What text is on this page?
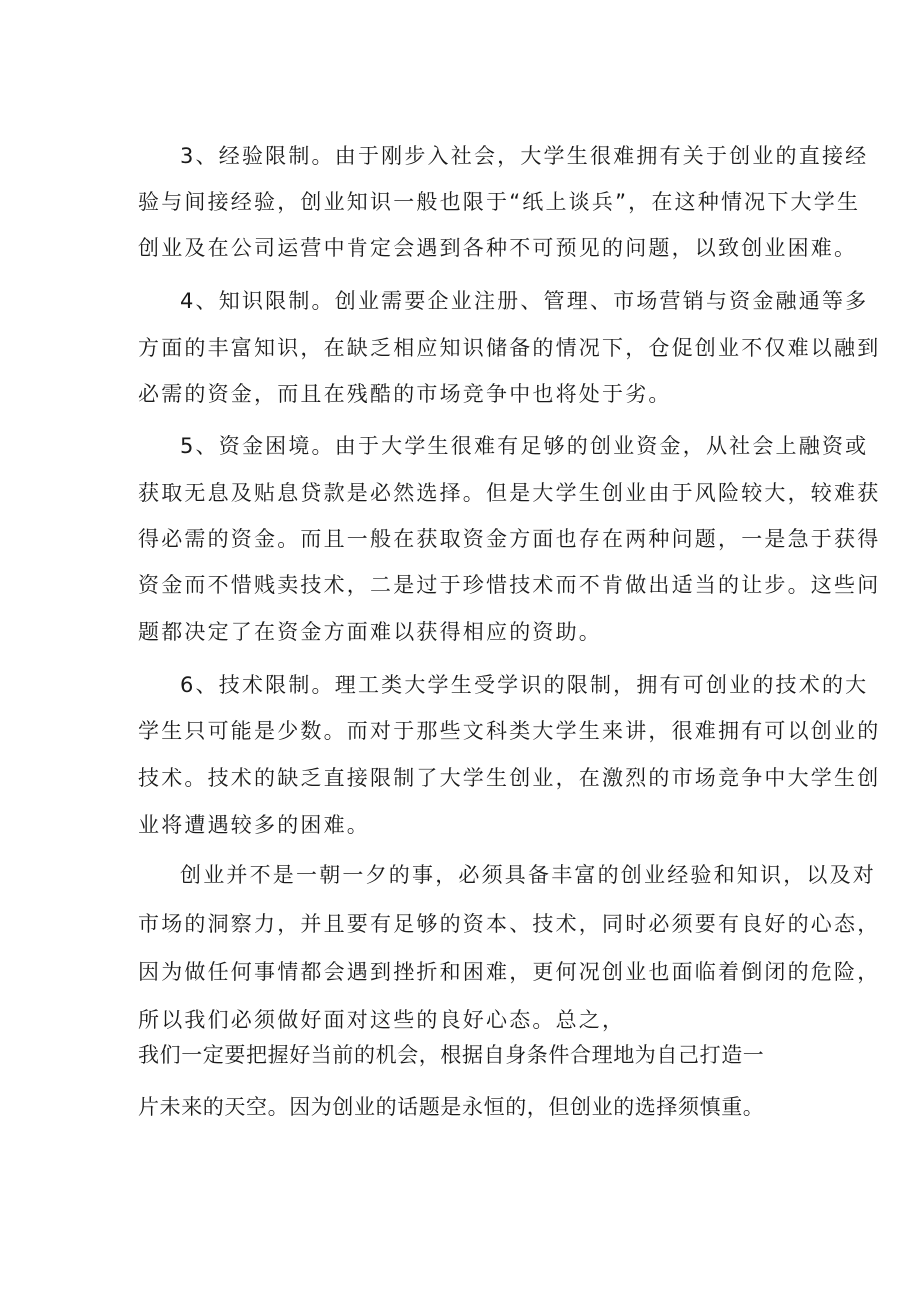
3、经验限制。由于刚步入社会，大学生很难拥有关于创业的直接经
验与间接经验，创业知识一般也限于“纸上谈兵”，在这种情况下大学生
创业及在公司运营中肯定会遇到各种不可预见的问题，以致创业困难。
4、知识限制。创业需要企业注册、管理、市场营销与资金融通等多
方面的丰富知识，在缺乏相应知识储备的情况下，仓促创业不仅难以融到
必需的资金，而且在残酷的市场竞争中也将处于劣。
5、资金困境。由于大学生很难有足够的创业资金，从社会上融资或
获取无息及贴息贷款是必然选择。但是大学生创业由于风险较大，较难获
得必需的资金。而且一般在获取资金方面也存在两种问题，一是急于获得
资金而不惜贱卖技术，二是过于珍惜技术而不肯做出适当的让步。这些问
题都决定了在资金方面难以获得相应的资助。
6、技术限制。理工类大学生受学识的限制，拥有可创业的技术的大
学生只可能是少数。而对于那些文科类大学生来讲，很难拥有可以创业的
技术。技术的缺乏直接限制了大学生创业，在激烈的市场竞争中大学生创
业将遭遇较多的困难。
创业并不是一朝一夕的事，必须具备丰富的创业经验和知识，以及对
市场的洞察力，并且要有足够的资本、技术，同时必须要有良好的心态，
因为做任何事情都会遇到挫折和困难，更何况创业也面临着倒闭的危险，
所以我们必须做好面对这些的良好心态。总之，
我们一定要把握好当前的机会，根据自身条件合理地为自己打造一
片未来的天空。因为创业的话题是永恒的，但创业的选择须慎重。
